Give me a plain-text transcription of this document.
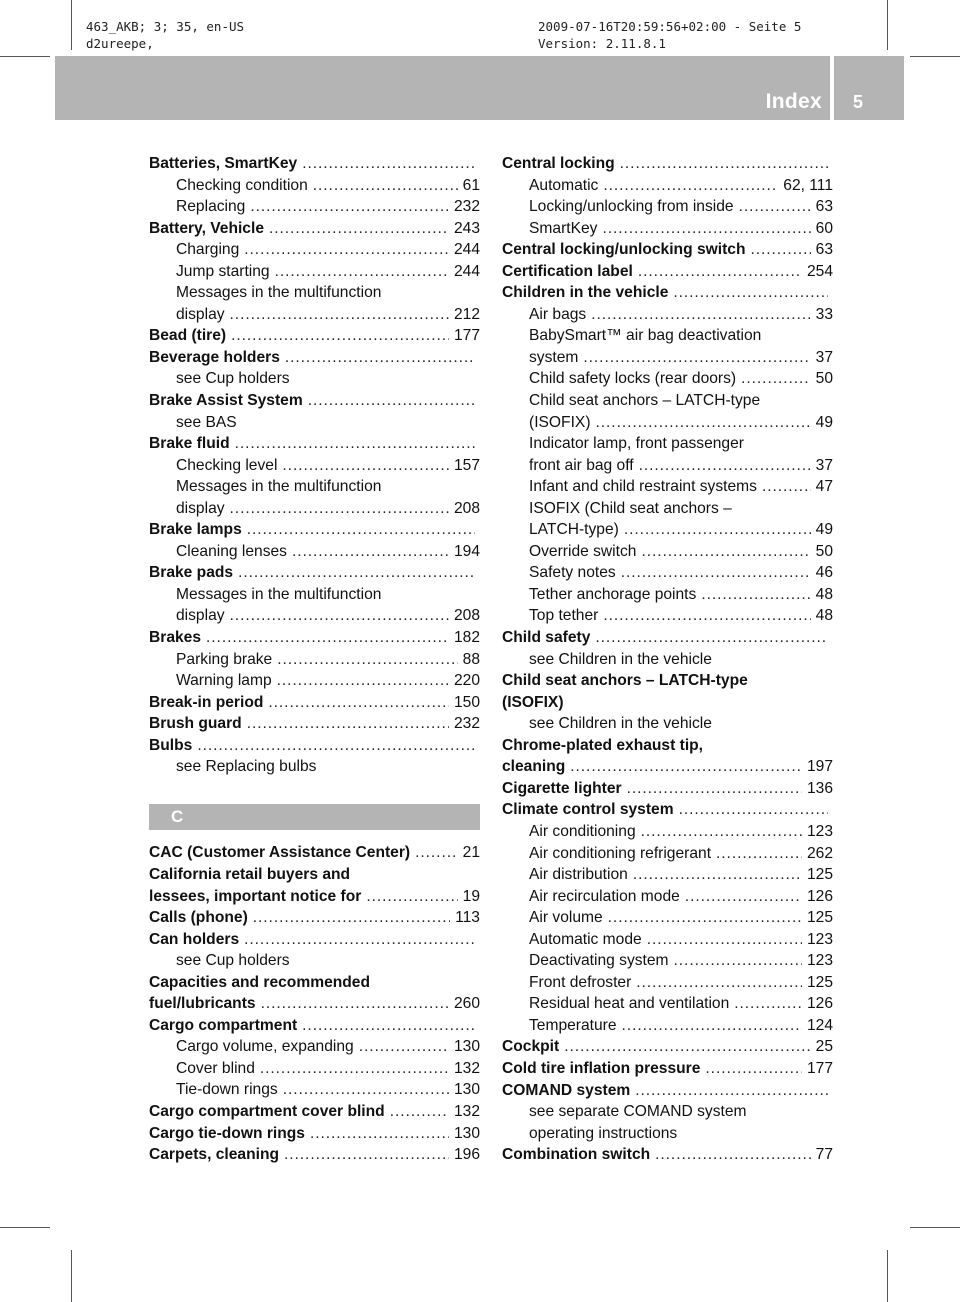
463_AKB; 3; 35, en-US
d2ureepe,
2009-07-16T20:59:56+02:00 - Seite 5
Version: 2.11.8.1
Index	5
Batteries, SmartKey
. . .
Checking condition . . .	61
Replacing . . .	232
Battery, Vehicle . . .	243
Charging . . .	244
Jump starting . . .	244
Messages in the multifunction
display . . .	212
Bead (tire) . . .	177
Beverage holders
. . .
see Cup holders
Brake Assist System
. . .
see BAS
Brake fluid
. . .
Checking level . . .	157
Messages in the multifunction
display . . .	208
Brake lamps
. . .
Cleaning lenses . . .	194
Brake pads
. . .
Messages in the multifunction
display . . .	208
Brakes . . .	182
Parking brake . . .	88
Warning lamp . . .	220
Break-in period . . .	150
Brush guard . . .	232
Bulbs
. . .
see Replacing bulbs
C
CAC (Customer Assistance Center) . . .	21
California retail buyers and
lessees, important notice for . . .	19
Calls (phone) . . .	113
Can holders
. . .
see Cup holders
Capacities and recommended
fuel/lubricants . . .	260
Cargo compartment
. . .
Cargo volume, expanding . . .	130
Cover blind . . .	132
Tie-down rings . . .	130
Cargo compartment cover blind . . .	132
Cargo tie-down rings . . .	130
Carpets, cleaning . . .	196
Central locking
. . .
Automatic . . .	62, 111
Locking/unlocking from inside . . .	63
SmartKey . . .	60
Central locking/unlocking switch . . .	63
Certification label . . .	254
Children in the vehicle
. . .
Air bags . . .	33
BabySmart™ air bag deactivation
system . . .	37
Child safety locks (rear doors) . . .	50
Child seat anchors – LATCH-type
(ISOFIX) . . .	49
Indicator lamp, front passenger
front air bag off . . .	37
Infant and child restraint systems . . .	47
ISOFIX (Child seat anchors –
LATCH-type) . . .	49
Override switch . . .	50
Safety notes . . .	46
Tether anchorage points . . .	48
Top tether . . .	48
Child safety
. . .
see Children in the vehicle
Child seat anchors – LATCH-type
(ISOFIX)
see Children in the vehicle
Chrome-plated exhaust tip,
cleaning . . .	197
Cigarette lighter . . .	136
Climate control system
. . .
Air conditioning . . .	123
Air conditioning refrigerant . . .	262
Air distribution . . .	125
Air recirculation mode . . .	126
Air volume . . .	125
Automatic mode . . .	123
Deactivating system . . .	123
Front defroster . . .	125
Residual heat and ventilation . . .	126
Temperature . . .	124
Cockpit . . .	25
Cold tire inflation pressure . . .	177
COMAND system
. . .
see separate COMAND system
operating instructions
Combination switch . . .	77
